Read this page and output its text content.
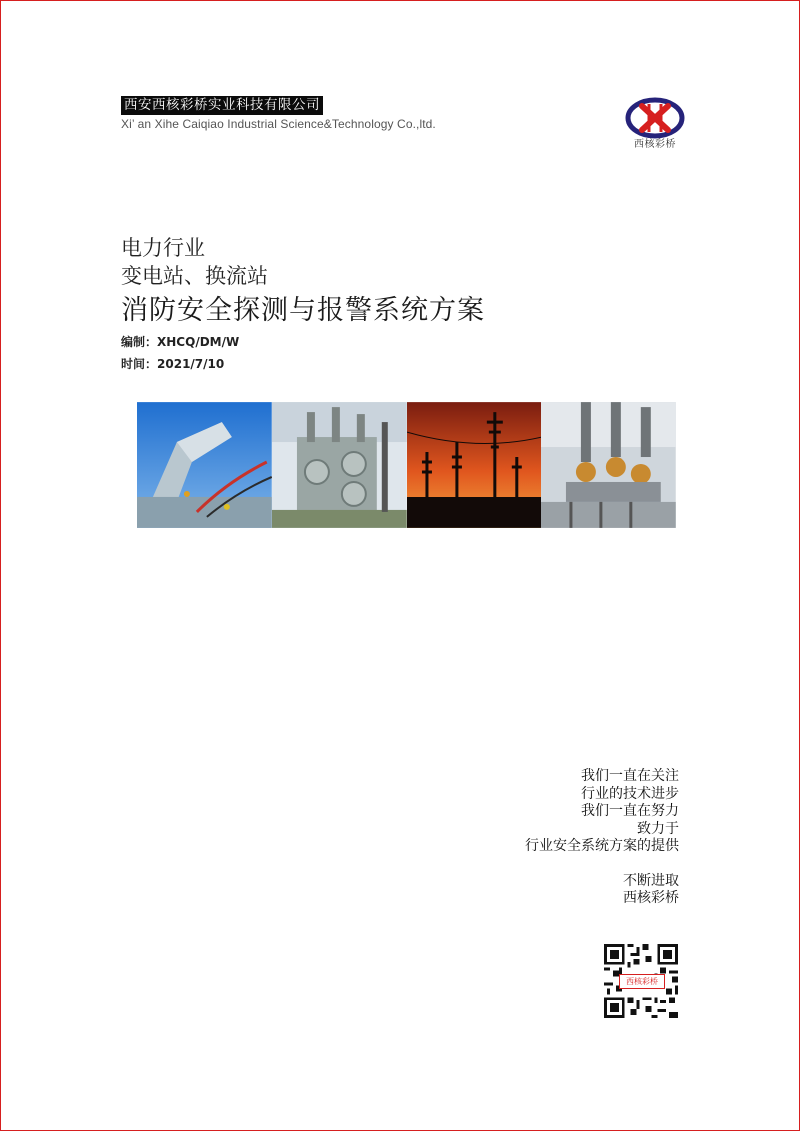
西安西核彩桥实业科技有限公司
Xi’ an Xihe Caiqiao Industrial Science&Technology Co.,ltd.
西核彩桥
电力行业
变电站、换流站
消防安全探测与报警系统方案
编制：XHCQ/DM/W
时间：2021/7/10
我们一直在关注
行业的技术进步
我们一直在努力
致力于
行业安全系统方案的提供
不断进取
西核彩桥
西核彩桥
